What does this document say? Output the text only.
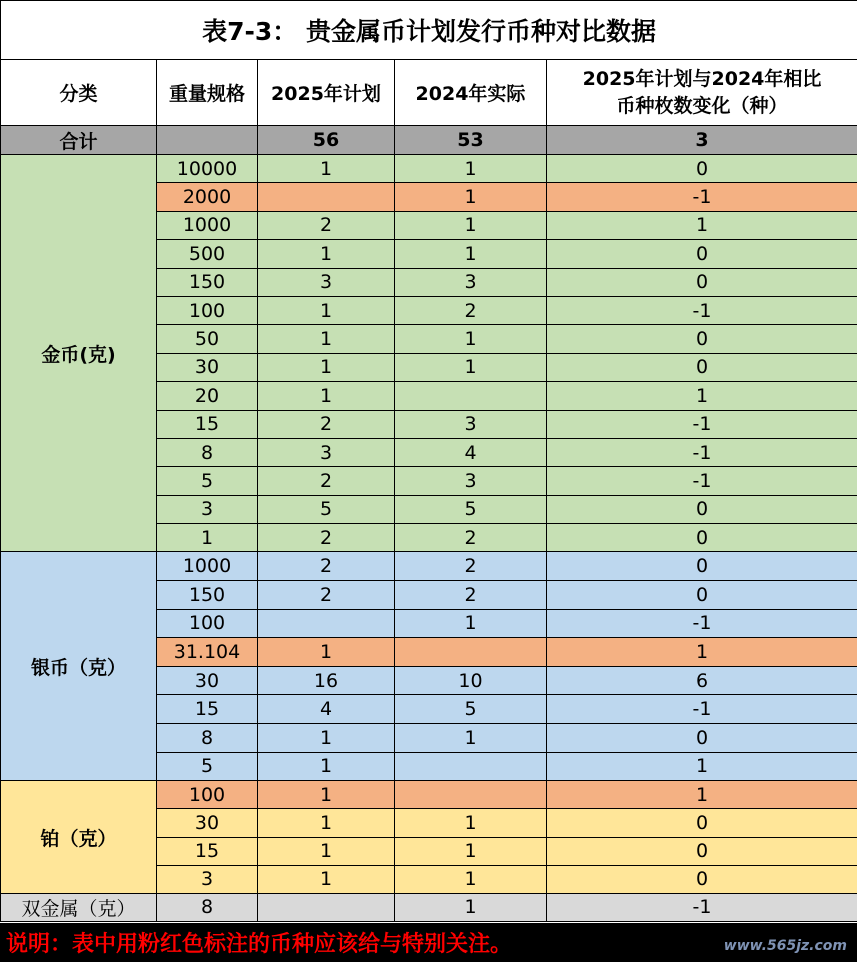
表7-3： 贵金属币计划发行币种对比数据				
分类	重量规格	2025年计划	2024年实际	2025年计划与2024年相比
币种枚数变化（种）

合计		56	53	3
金币(克)	10000	1	1	0
	2000		1	-1
	1000	2	1	1
	500	1	1	0
	150	3	3	0
	100	1	2	-1
	50	1	1	0
	30	1	1	0
	20	1		1
	15	2	3	-1
	8	3	4	-1
	5	2	3	-1
	3	5	5	0
	1	2	2	0
银币（克）	1000	2	2	0
	150	2	2	0
	100		1	-1
	31.104	1		1
	30	16	10	6
	15	4	5	-1
	8	1	1	0
	5	1		1
铂（克）	100	1		1
	30	1	1	0
	15	1	1	0
	3	1	1	0
双金属（克）	8		1	-1
说明：表中用粉红色标注的币种应该给与特别关注。	www.565jz.com
